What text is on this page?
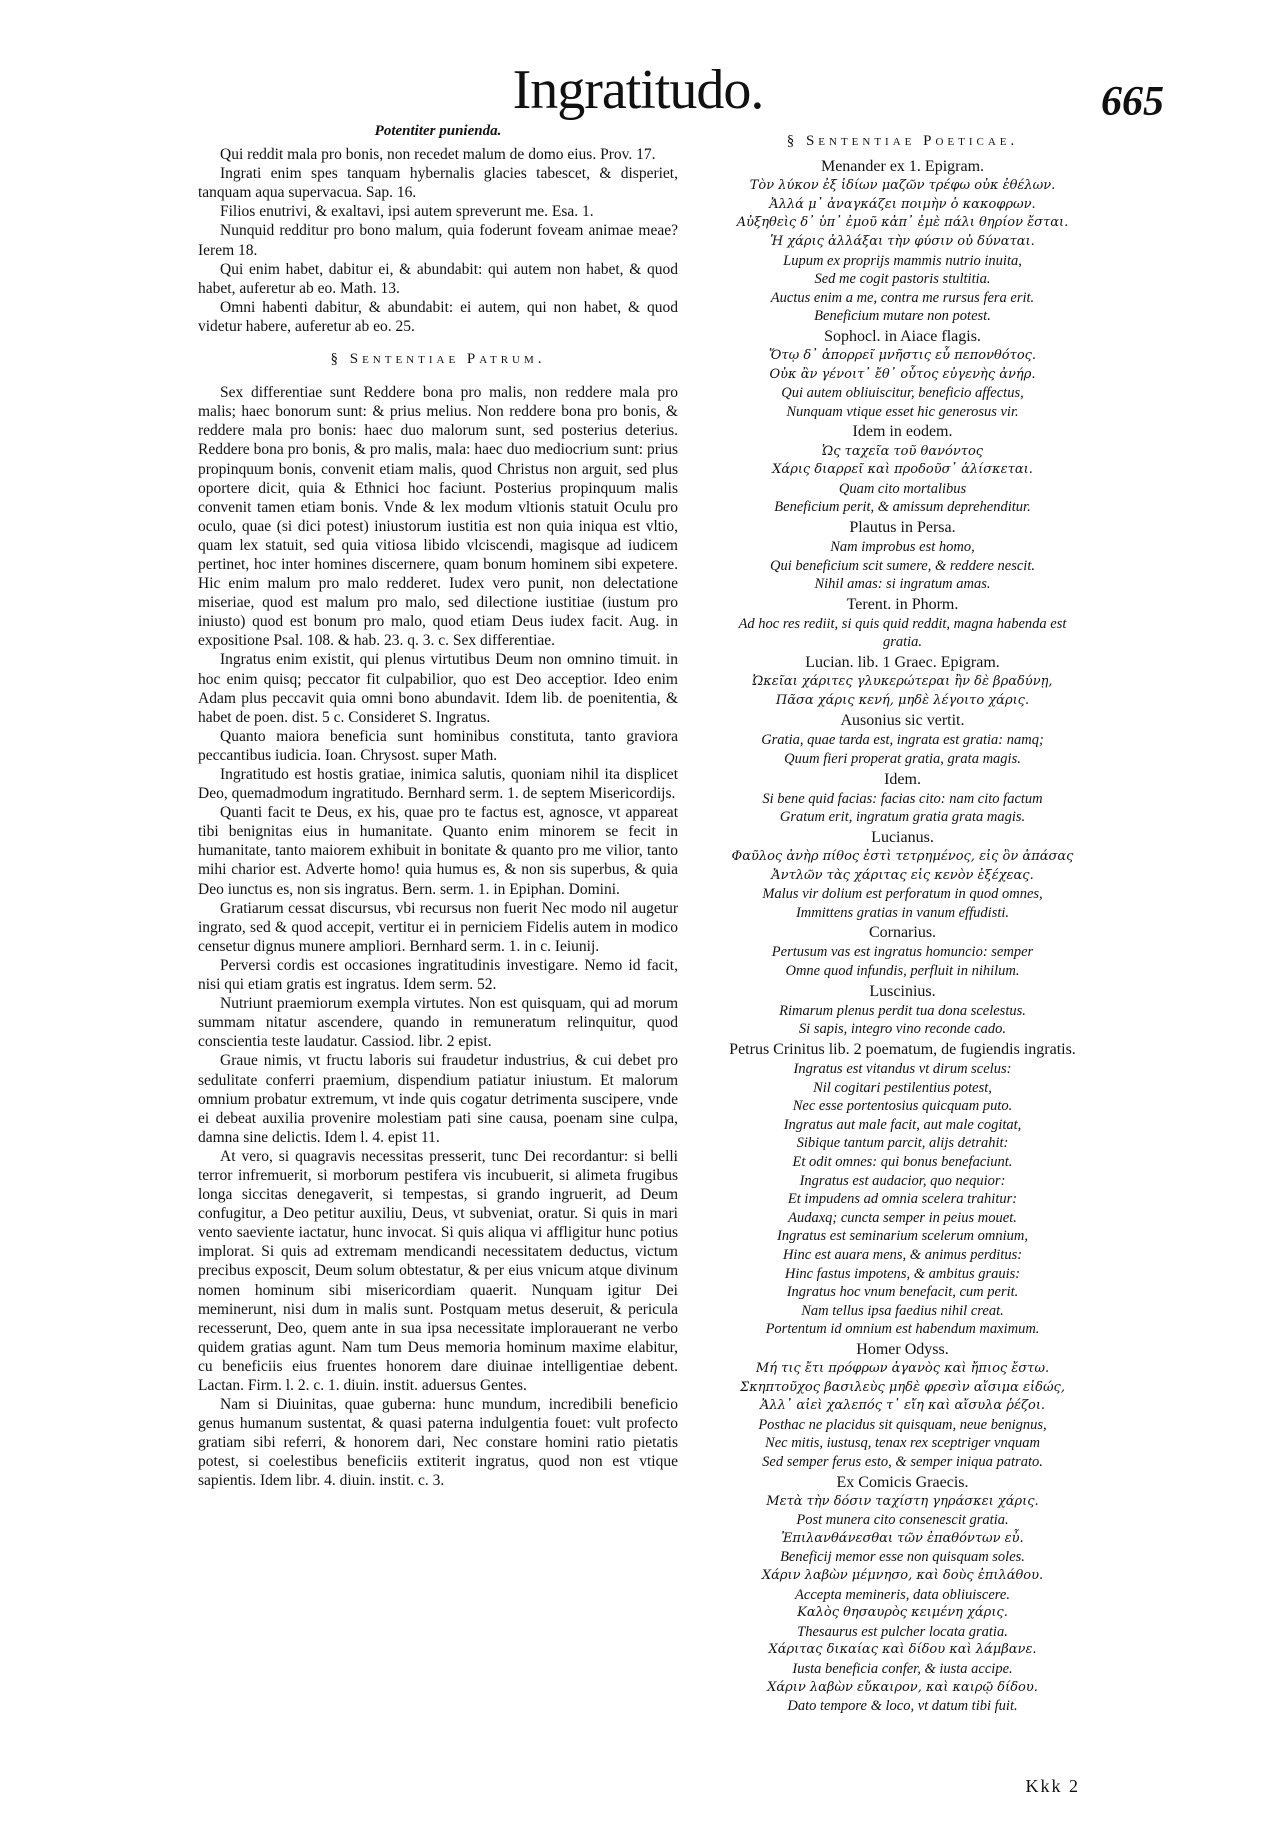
Ingratitudo.	665
Potentiter punienda.

Qui reddit mala pro bonis, non recedet malum de domo eius. Prov. 17.

Ingrati enim spes tanquam hybernalis glacies tabescet, & disperiet, tanquam aqua supervacua. Sap. 16.

Filios enutrivi, & exaltavi, ipsi autem spreverunt me. Esa. 1.

Nunquid redditur pro bono malum, quia foderunt foveam animae meae? Ierem 18.

Qui enim habet, dabitur ei, & abundabit: qui autem non habet, & quod habet, auferetur ab eo. Math. 13.

Omni habenti dabitur, & abundabit: ei autem, qui non habet, & quod videtur habere, auferetur ab eo. 25.

§ Sententiae Patrum.

Sex differentiae sunt Reddere bona pro malis, non reddere mala pro malis; haec bonorum sunt: & prius melius. Non reddere bona pro bonis, & reddere mala pro bonis: haec duo malorum sunt, sed posterius deterius. Reddere bona pro bonis, & pro malis, mala: haec duo mediocrium sunt: prius propinquum bonis, convenit etiam malis, quod Christus non arguit, sed plus oportere dicit, quia & Ethnici hoc faciunt. Posterius propinquum malis convenit tamen etiam bonis. Vnde & lex modum vltionis statuit Oculu pro oculo, quae (si dici potest) iniustorum iustitia est non quia iniqua est vltio, quam lex statuit, sed quia vitiosa libido vlciscendi, magisque ad iudicem pertinet, hoc inter homines discernere, quam bonum hominem sibi expetere. Hic enim malum pro malo redderet. Iudex vero punit, non delectatione miseriae, quod est malum pro malo, sed dilectione iustitiae (iustum pro iniusto) quod est bonum pro malo, quod etiam Deus iudex facit. Aug. in expositione Psal. 108. & hab. 23. q. 3. c. Sex differentiae.

Ingratus enim existit, qui plenus virtutibus Deum non omnino timuit. in hoc enim quisq; peccator fit culpabilior, quo est Deo acceptior. Ideo enim Adam plus peccavit quia omni bono abundavit. Idem lib. de poenitentia, & habet de poen. dist. 5 c. Consideret S. Ingratus.

Quanto maiora beneficia sunt hominibus constituta, tanto graviora peccantibus iudicia. Ioan. Chrysost. super Math.

Ingratitudo est hostis gratiae, inimica salutis, quoniam nihil ita displicet Deo, quemadmodum ingratitudo. Bernhard serm. 1. de septem Misericordijs.

Quanti facit te Deus, ex his, quae pro te factus est, agnosce, vt appareat tibi benignitas eius in humanitate. Quanto enim minorem se fecit in humanitate, tanto maiorem exhibuit in bonitate & quanto pro me vilior, tanto mihi charior est. Adverte homo! quia humus es, & non sis superbus, & quia Deo iunctus es, non sis ingratus. Bern. serm. 1. in Epiphan. Domini.

Gratiarum cessat discursus, vbi recursus non fuerit Nec modo nil augetur ingrato, sed & quod accepit, vertitur ei in perniciem Fidelis autem in modico censetur dignus munere ampliori. Bernhard serm. 1. in c. Ieiunij.

Perversi cordis est occasiones ingratitudinis investigare. Nemo id facit, nisi qui etiam gratis est ingratus. Idem serm. 52.

Nutriunt praemiorum exempla virtutes. Non est quisquam, qui ad morum summam nitatur ascendere, quando in remuneratum relinquitur, quod conscientia teste laudatur. Cassiod. libr. 2 epist.

Graue nimis, vt fructu laboris sui fraudetur industrius, & cui debet pro sedulitate conferri praemium, dispendium patiatur iniustum. Et malorum omnium probatur extremum, vt inde quis cogatur detrimenta suscipere, vnde ei debeat auxilia provenire molestiam pati sine causa, poenam sine culpa, damna sine delictis. Idem l. 4. epist 11.

At vero, si quagravis necessitas presserit, tunc Dei recordantur: si belli terror infremuerit, si morborum pestifera vis incubuerit, si alimeta frugibus longa siccitas denegaverit, si tempestas, si grando ingruerit, ad Deum confugitur, a Deo petitur auxiliu, Deus, vt subveniat, oratur. Si quis in mari vento saeviente iactatur, hunc invocat. Si quis aliqua vi affligitur hunc potius implorat. Si quis ad extremam mendicandi necessitatem deductus, victum precibus exposcit, Deum solum obtestatur, & per eius vnicum atque divinum nomen hominum sibi misericordiam quaerit. Nunquam igitur Dei meminerunt, nisi dum in malis sunt. Postquam metus deseruit, & pericula recesserunt, Deo, quem ante in sua ipsa necessitate implorauerant ne verbo quidem gratias agunt. Nam tum Deus memoria hominum maxime elabitur, cu beneficiis eius fruentes honorem dare diuinae intelligentiae debent. Lactan. Firm. l. 2. c. 1. diuin. instit. aduersus Gentes.

Nam si Diuinitas, quae guberna: hunc mundum, incredibili beneficio genus humanum sustentat, & quasi paterna indulgentia fouet: vult profecto gratiam sibi referri, & honorem dari, Nec constare homini ratio pietatis potest, si coelestibus beneficiis extiterit ingratus, quod non est vtique sapientis. Idem libr. 4. diuin. instit. c. 3.

§ Sententiae Poeticae.
Menander ex 1. Epigram.
Τὸν λύκον ἐξ ἰδίων μαζῶν τρέφω οὐκ ἐθέλων.
Ἀλλά μ᾽ ἀναγκάζει ποιμὴν ὁ κακοφρων.
Αὐξηθεὶς δ᾽ ὑπ᾽ ἐμοῦ κἀπ᾽ ἐμὲ πάλι θηρίον ἔσται.
Ἡ χάρις ἀλλάξαι τὴν φύσιν οὐ δύναται.
Lupum ex proprijs mammis nutrio inuita,
Sed me cogit pastoris stultitia.
Auctus enim a me, contra me rursus fera erit.
Beneficium mutare non potest.
Sophocl. in Aiace flagis.
Ὅτῳ δ᾽ ἀπορρεῖ μνῆστις εὖ πεπονθότος.
Οὐκ ἂν γένοιτ᾽ ἔθ᾽ οὗτος εὐγενὴς ἀνήρ.
Qui autem obliuiscitur, beneficio affectus,
Nunquam vtique esset hic generosus vir.
Idem in eodem.
Ὡς ταχεῖα τοῦ θανόντος
Χάρις διαρρεῖ καὶ προδοῦσ᾽ ἁλίσκεται.
Quam cito mortalibus
Beneficium perit, & amissum deprehenditur.
Plautus in Persa.
Nam improbus est homo,
Qui beneficium scit sumere, & reddere nescit.
Nihil amas: si ingratum amas.
Terent. in Phorm.
Ad hoc res rediit, si quis quid reddit, magna habenda est gratia.
Lucian. lib. 1 Graec. Epigram.
Ὠκεῖαι χάριτες γλυκερώτεραι ἢν δὲ βραδύνῃ,
Πᾶσα χάρις κενή, μηδὲ λέγοιτο χάρις.
Ausonius sic vertit.
Gratia, quae tarda est, ingrata est gratia: namq;
Quum fieri properat gratia, grata magis.
Idem.
Si bene quid facias: facias cito: nam cito factum
Gratum erit, ingratum gratia grata magis.
Lucianus.
Φαῦλος ἀνὴρ πίθος ἐστὶ τετρημένος, εἰς ὃν ἁπάσας
Ἀντλῶν τὰς χάριτας εἰς κενὸν ἐξέχεας.
Malus vir dolium est perforatum in quod omnes,
Immittens gratias in vanum effudisti.
Cornarius.
Pertusum vas est ingratus homuncio: semper
Omne quod infundis, perfluit in nihilum.
Luscinius.
Rimarum plenus perdit tua dona scelestus.
Si sapis, integro vino reconde cado.
Petrus Crinitus lib. 2 poematum, de fugiendis ingratis.
Ingratus est vitandus vt dirum scelus:
Nil cogitari pestilentius potest,
Nec esse portentosius quicquam puto.
Ingratus aut male facit, aut male cogitat,
Sibique tantum parcit, alijs detrahit:
Et odit omnes: qui bonus benefaciunt.
Ingratus est audacior, quo nequior:
Et impudens ad omnia scelera trahitur:
Audaxq; cuncta semper in peius mouet.
Ingratus est seminarium scelerum omnium,
Hinc est auara mens, & animus perditus:
Hinc fastus impotens, & ambitus grauis:
Ingratus hoc vnum benefacit, cum perit.
Nam tellus ipsa faedius nihil creat.
Portentum id omnium est habendum maximum.
Homer Odyss.
Μή τις ἔτι πρόφρων ἀγανὸς καὶ ἤπιος ἔστω.
Σκηπτοῦχος βασιλεὺς μηδὲ φρεσὶν αἴσιμα εἰδώς,
Ἀλλ᾽ αἰεὶ χαλεπός τ᾽ εἴη καὶ αἴσυλα ῥέζοι.
Posthac ne placidus sit quisquam, neue benignus,
Nec mitis, iustusq, tenax rex sceptriger vnquam
Sed semper ferus esto, & semper iniqua patrato.
Ex Comicis Graecis.
Μετὰ τὴν δόσιν ταχίστη γηράσκει χάρις.
Post munera cito consenescit gratia.
Ἐπιλανθάνεσθαι τῶν ἐπαθόντων εὖ.
Beneficij memor esse non quisquam soles.
Χάριν λαβὼν μέμνησο, καὶ δοὺς ἐπιλάθου.
Accepta memineris, data obliuiscere.
Καλὸς θησαυρὸς κειμένη χάρις.
Thesaurus est pulcher locata gratia.
Χάριτας δικαίας καὶ δίδου καὶ λάμβανε.
Iusta beneficia confer, & iusta accipe.
Χάριν λαβὼν εὔκαιρον, καὶ καιρῷ δίδου.
Dato tempore & loco, vt datum tibi fuit.
Kkk 2
